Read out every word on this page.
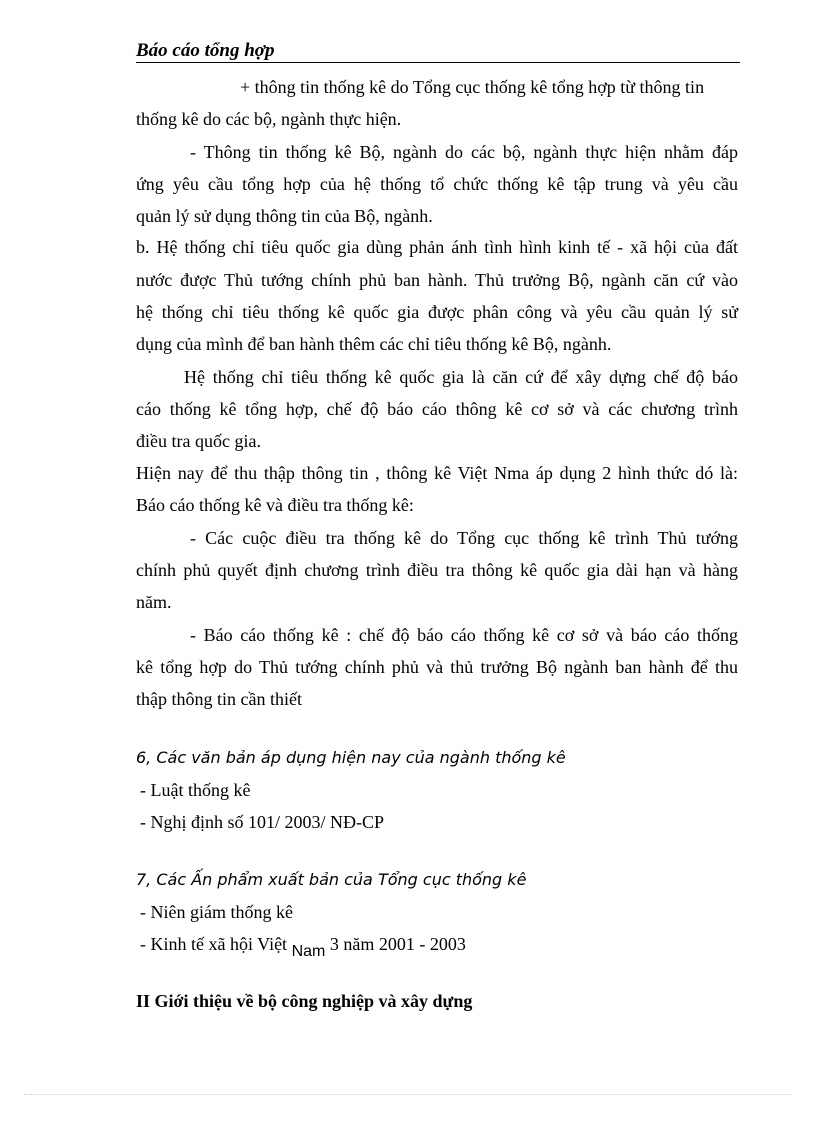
Báo cáo tổng hợp
+ thông tin thống kê do Tổng cục thống kê tổng hợp từ thông tin
thống kê do các bộ, ngành thực hiện.
- Thông tin thống kê Bộ, ngành do các bộ, ngành thực hiện nhằm đáp
ứng yêu cầu tổng hợp của hệ thống tổ chức thống kê tập trung và yêu cầu
quản lý sử dụng thông tin của Bộ, ngành.
b. Hệ thống chỉ tiêu quốc gia dùng phản ánh tình hình kinh tế - xã hội của đất
nước được Thủ tướng chính phủ ban hành. Thủ trưởng Bộ, ngành căn cứ vào
hệ thống chỉ tiêu thống kê quốc gia được phân công và yêu cầu quản lý sử
dụng của mình để ban hành thêm các chỉ tiêu thống kê Bộ, ngành.
Hệ thống chỉ tiêu thống kê quốc gia là căn cứ để xây dựng chế độ báo
cáo thống kê tổng hợp, chế độ báo cáo thông kê cơ sở và các chương trình
điều tra quốc gia.
Hiện nay để thu thập thông tin , thông kê Việt Nma áp dụng 2 hình thức dó là:
Báo cáo thống kê và điều tra thống kê:
- Các cuộc điều tra thống kê do Tổng cục thống kê trình Thủ tướng
chính phủ quyết định chương trình điều tra thông kê quốc gia dài hạn và hàng
năm.
- Báo cáo thống kê : chế độ báo cáo thống kê cơ sở và báo cáo thống
kê tổng hợp do Thủ tướng chính phủ và thủ trưởng Bộ ngành ban hành để thu
thập thông tin cần thiết
6, Các văn bản áp dụng hiện nay của ngành thống kê
- Luật thống kê
- Nghị định số 101/ 2003/ NĐ-CP
7, Các Ấn phẩm xuất bản của Tổng cục thống kê
- Niên giám thống kê
- Kinh tế xã hội Việt Nam 3 năm 2001 - 2003
II Giới thiệu về bộ công nghiệp và xây dựng
